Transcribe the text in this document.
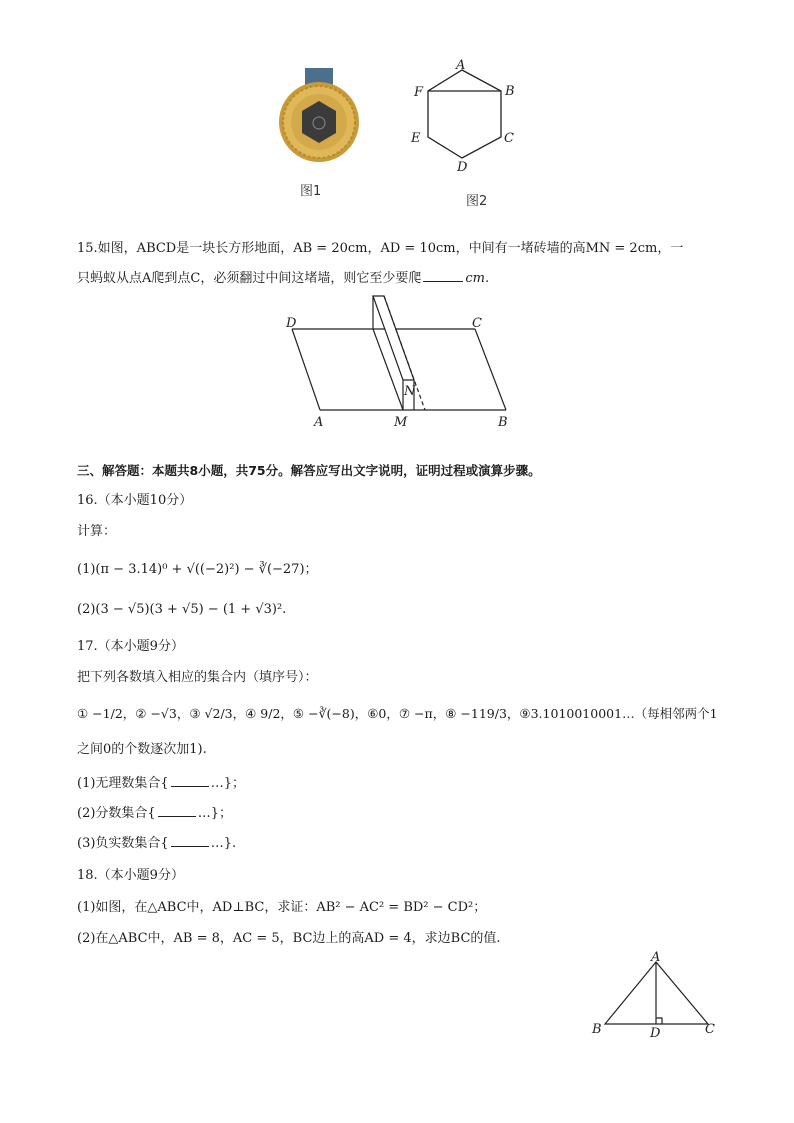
图1
A
B
C
D
E
F
图2
15.如图，ABCD是一块长方形地面，AB = 20cm，AD = 10cm，中间有一堵砖墙的高MN = 2cm，一
只蚂蚁从点A爬到点C，必须翻过中间这堵墙，则它至少要爬	cm.
D	C
A	M	B
N
三、解答题：本题共8小题，共75分。解答应写出文字说明，证明过程或演算步骤。
16.（本小题10分）
计算：
(1)(π − 3.14)⁰ + √((−2)²) − ∛(−27)；
(2)(3 − √5)(3 + √5) − (1 + √3)².
17.（本小题9分）
把下列各数填入相应的集合内（填序号）：
① −1/2，② −√3，③ √2/3，④ 9/2，⑤ −∛(−8)，⑥0，⑦ −π，⑧ −119/3，⑨3.1010010001…（每相邻两个1
之间0的个数逐次加1).
(1)无理数集合{	…}；
(2)分数集合{	…}；
(3)负实数集合{	…}.
18.（本小题9分）
(1)如图，在△ABC中，AD⊥BC，求证：AB² − AC² = BD² − CD²；
(2)在△ABC中，AB = 8，AC = 5，BC边上的高AD = 4，求边BC的值.
A
B	D	C
